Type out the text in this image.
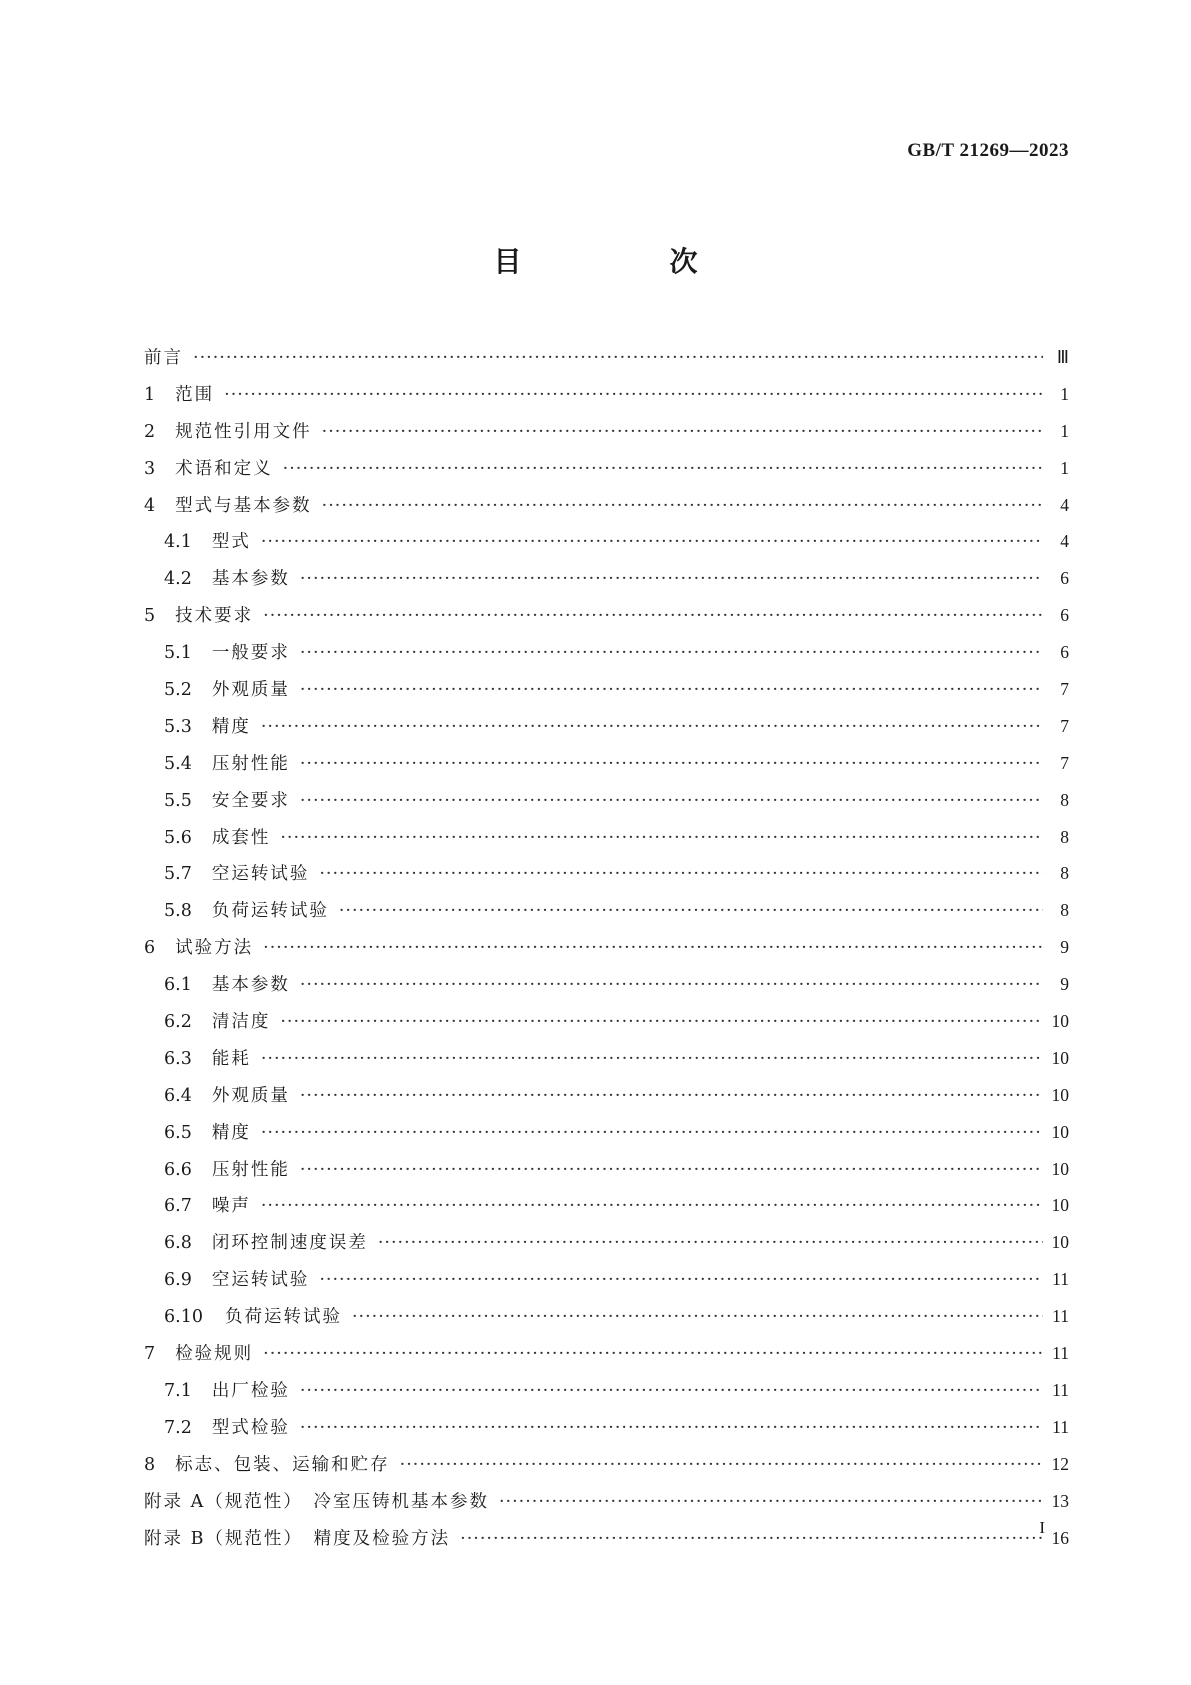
GB/T 21269—2023
目　次
前言 ·····	Ⅲ
1 范围 ·····	1
2 规范性引用文件 ·····	1
3 术语和定义 ·····	1
4 型式与基本参数 ·····	4
4.1 型式 ·····	4
4.2 基本参数 ·····	6
5 技术要求 ·····	6
5.1 一般要求 ·····	6
5.2 外观质量 ·····	7
5.3 精度 ·····	7
5.4 压射性能 ·····	7
5.5 安全要求 ·····	8
5.6 成套性 ·····	8
5.7 空运转试验 ·····	8
5.8 负荷运转试验 ·····	8
6 试验方法 ·····	9
6.1 基本参数 ·····	9
6.2 清洁度 ·····	10
6.3 能耗 ·····	10
6.4 外观质量 ·····	10
6.5 精度 ·····	10
6.6 压射性能 ·····	10
6.7 噪声 ·····	10
6.8 闭环控制速度误差 ·····	10
6.9 空运转试验 ·····	11
6.10 负荷运转试验 ·····	11
7 检验规则 ·····	11
7.1 出厂检验 ·····	11
7.2 型式检验 ·····	11
8 标志、包装、运输和贮存 ·····	12
附录 A（规范性）　冷室压铸机基本参数 ·····	13
附录 B（规范性）　精度及检验方法 ·····	16
I
